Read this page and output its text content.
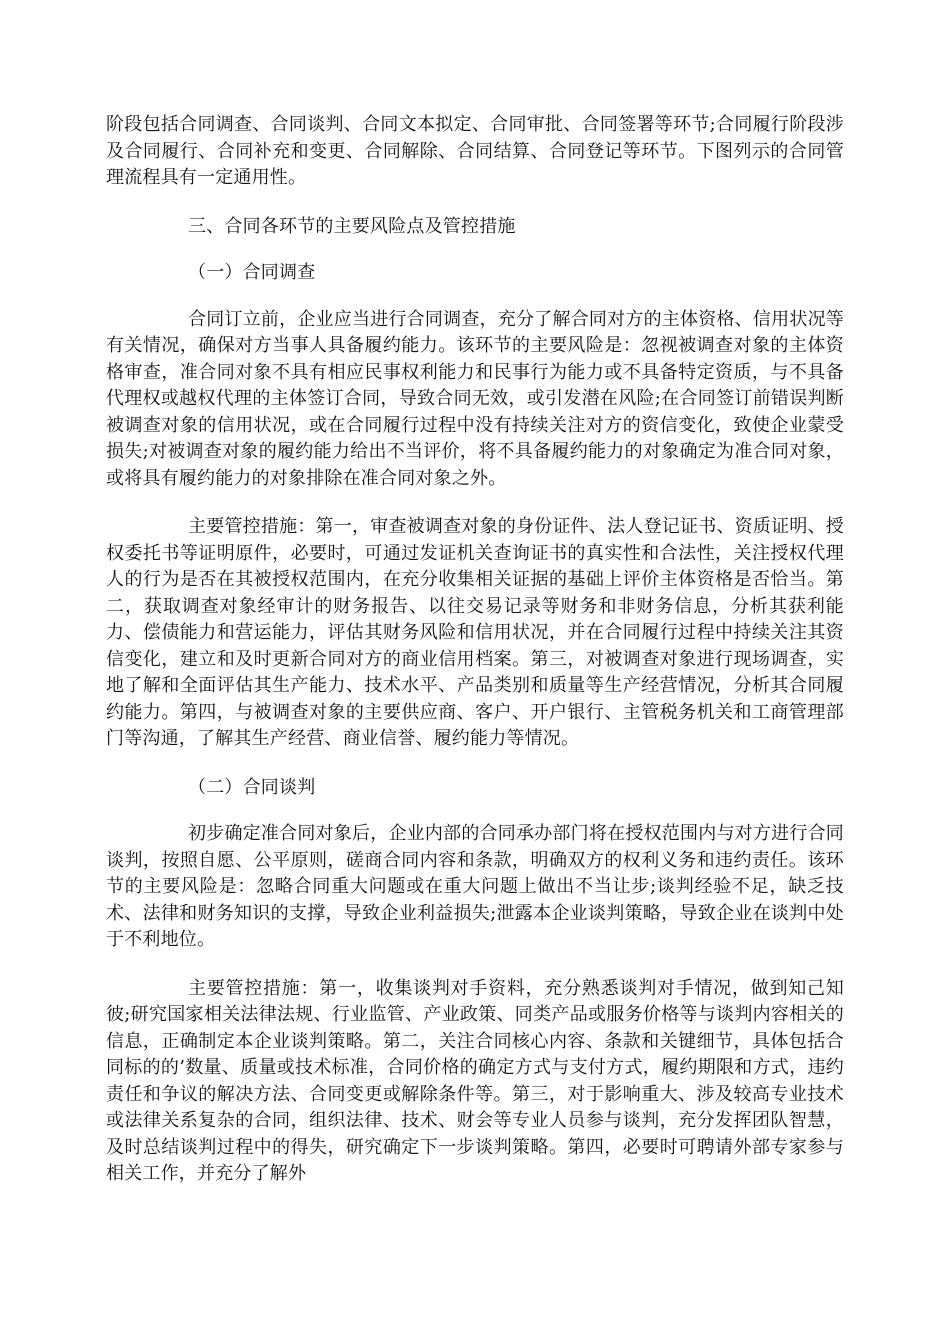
阶段包括合同调查、合同谈判、合同文本拟定、合同审批、合同签署等环节;合同履行阶段涉及合同履行、合同补充和变更、合同解除、合同结算、合同登记等环节。下图列示的合同管理流程具有一定通用性。

三、合同各环节的主要风险点及管控措施

（一）合同调查

合同订立前，企业应当进行合同调查，充分了解合同对方的主体资格、信用状况等有关情况，确保对方当事人具备履约能力。该环节的主要风险是：忽视被调查对象的主体资格审查，准合同对象不具有相应民事权利能力和民事行为能力或不具备特定资质，与不具备代理权或越权代理的主体签订合同，导致合同无效，或引发潜在风险;在合同签订前错误判断被调查对象的信用状况，或在合同履行过程中没有持续关注对方的资信变化，致使企业蒙受损失;对被调查对象的履约能力给出不当评价，将不具备履约能力的对象确定为准合同对象，或将具有履约能力的对象排除在准合同对象之外。

主要管控措施：第一，审查被调查对象的身份证件、法人登记证书、资质证明、授权委托书等证明原件，必要时，可通过发证机关查询证书的真实性和合法性，关注授权代理人的行为是否在其被授权范围内，在充分收集相关证据的基础上评价主体资格是否恰当。第二，获取调查对象经审计的财务报告、以往交易记录等财务和非财务信息，分析其获利能力、偿债能力和营运能力，评估其财务风险和信用状况，并在合同履行过程中持续关注其资信变化，建立和及时更新合同对方的商业信用档案。第三，对被调查对象进行现场调查，实地了解和全面评估其生产能力、技术水平、产品类别和质量等生产经营情况，分析其合同履约能力。第四，与被调查对象的主要供应商、客户、开户银行、主管税务机关和工商管理部门等沟通，了解其生产经营、商业信誉、履约能力等情况。

（二）合同谈判

初步确定准合同对象后，企业内部的合同承办部门将在授权范围内与对方进行合同谈判，按照自愿、公平原则，磋商合同内容和条款，明确双方的权利义务和违约责任。该环节的主要风险是：忽略合同重大问题或在重大问题上做出不当让步;谈判经验不足，缺乏技术、法律和财务知识的支撑，导致企业利益损失;泄露本企业谈判策略，导致企业在谈判中处于不利地位。

主要管控措施：第一，收集谈判对手资料，充分熟悉谈判对手情况，做到知己知彼;研究国家相关法律法规、行业监管、产业政策、同类产品或服务价格等与谈判内容相关的信息，正确制定本企业谈判策略。第二，关注合同核心内容、条款和关键细节，具体包括合同标的的’数量、质量或技术标准，合同价格的确定方式与支付方式，履约期限和方式，违约责任和争议的解决方法、合同变更或解除条件等。第三，对于影响重大、涉及较高专业技术或法律关系复杂的合同，组织法律、技术、财会等专业人员参与谈判，充分发挥团队智慧，及时总结谈判过程中的得失，研究确定下一步谈判策略。第四，必要时可聘请外部专家参与相关工作，并充分了解外
